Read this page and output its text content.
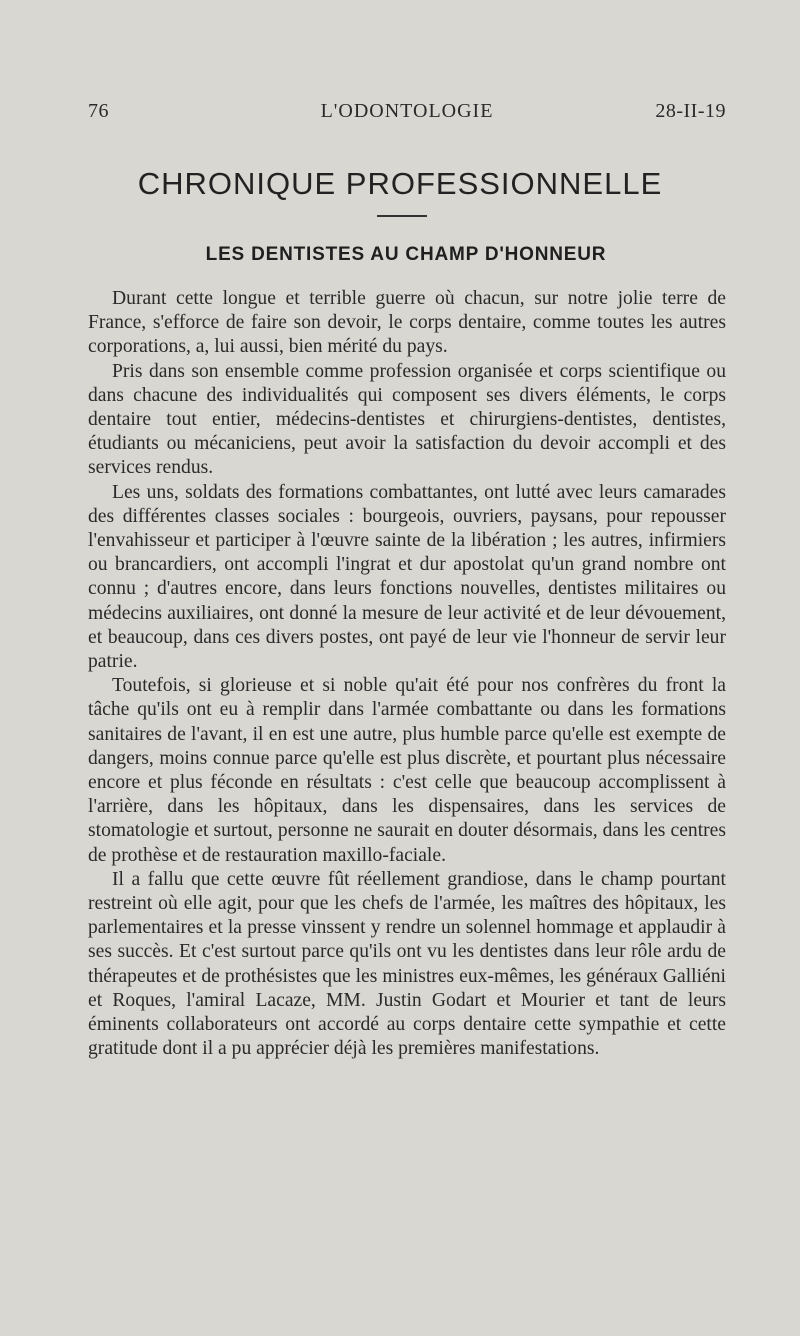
76	L'ODONTOLOGIE	28-II-19
CHRONIQUE PROFESSIONNELLE
LES DENTISTES AU CHAMP D'HONNEUR

Durant cette longue et terrible guerre où chacun, sur notre jolie terre de France, s'efforce de faire son devoir, le corps dentaire, comme toutes les autres corporations, a, lui aussi, bien mérité du pays.

Pris dans son ensemble comme profession organisée et corps scientifique ou dans chacune des individualités qui composent ses divers éléments, le corps dentaire tout entier, médecins-dentistes et chirurgiens-dentistes, dentistes, étudiants ou mécaniciens, peut avoir la satisfaction du devoir accompli et des services rendus.

Les uns, soldats des formations combattantes, ont lutté avec leurs camarades des différentes classes sociales : bourgeois, ouvriers, paysans, pour repousser l'envahisseur et participer à l'œuvre sainte de la libération ; les autres, infirmiers ou brancardiers, ont accompli l'ingrat et dur apostolat qu'un grand nombre ont connu ; d'autres encore, dans leurs fonctions nouvelles, dentistes militaires ou médecins auxiliaires, ont donné la mesure de leur activité et de leur dévouement, et beaucoup, dans ces divers postes, ont payé de leur vie l'honneur de servir leur patrie.

Toutefois, si glorieuse et si noble qu'ait été pour nos confrères du front la tâche qu'ils ont eu à remplir dans l'armée combattante ou dans les formations sanitaires de l'avant, il en est une autre, plus humble parce qu'elle est exempte de dangers, moins connue parce qu'elle est plus discrète, et pourtant plus nécessaire encore et plus féconde en résultats : c'est celle que beaucoup accomplissent à l'arrière, dans les hôpitaux, dans les dispensaires, dans les services de stomatologie et surtout, personne ne saurait en douter désormais, dans les centres de prothèse et de restauration maxillo-faciale.

Il a fallu que cette œuvre fût réellement grandiose, dans le champ pourtant restreint où elle agit, pour que les chefs de l'armée, les maîtres des hôpitaux, les parlementaires et la presse vinssent y rendre un solennel hommage et applaudir à ses succès. Et c'est surtout parce qu'ils ont vu les dentistes dans leur rôle ardu de thérapeutes et de prothésistes que les ministres eux-mêmes, les généraux Galliéni et Roques, l'amiral Lacaze, MM. Justin Godart et Mourier et tant de leurs éminents collaborateurs ont accordé au corps dentaire cette sympathie et cette gratitude dont il a pu apprécier déjà les premières manifestations.
